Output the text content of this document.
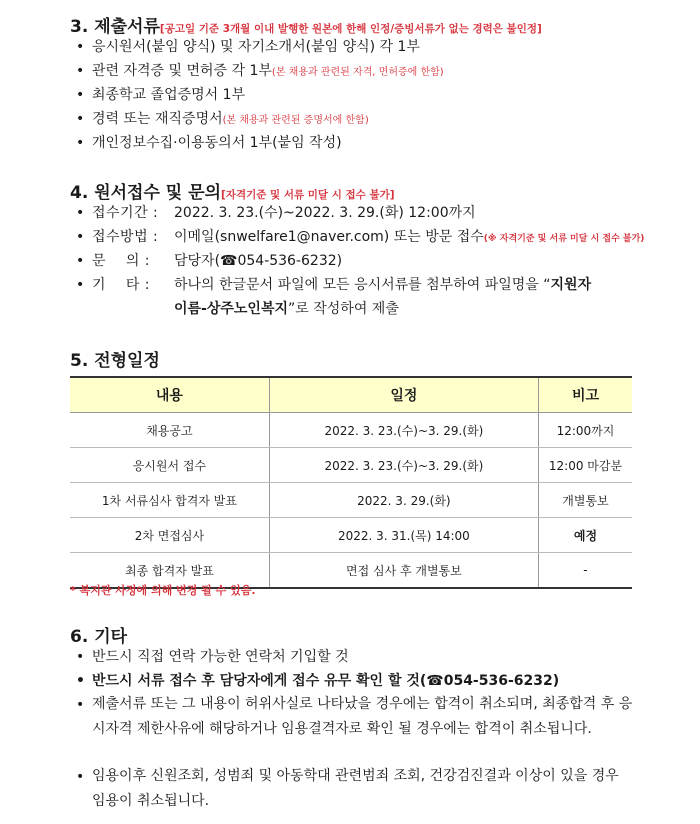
3. 제출서류[공고일 기준 3개월 이내 발행한 원본에 한해 인정/증빙서류가 없는 경력은 불인정]
• 응시원서(붙임 양식) 및 자기소개서(붙임 양식) 각 1부
• 관련 자격증 및 면허증 각 1부(본 채용과 관련된 자격, 면허증에 한함)
• 최종학교 졸업증명서 1부
• 경력 또는 재직증명서(본 채용과 관련된 증명서에 한함)
• 개인정보수집·이용동의서 1부(붙임 작성)
4. 원서접수 및 문의[자격기준 및 서류 미달 시 접수 불가]
• 접수기간 : 2022. 3. 23.(수)~2022. 3. 29.(화) 12:00까지
• 접수방법 : 이메일(snwelfare1@naver.com) 또는 방문 접수(※ 자격기준 및 서류 미달 시 접수 불가)
• 문    의 : 담당자(☎054-536-6232)
• 기    타 : 하나의 한글문서 파일에 모든 응시서류를 첨부하여 파일명을 “지원자
이름-상주노인복지”로 작성하여 제출
5. 전형일정
내용	일정	비고
채용공고	2022. 3. 23.(수)~3. 29.(화)	12:00까지
응시원서 접수	2022. 3. 23.(수)~3. 29.(화)	12:00 마감분
1차 서류심사 합격자 발표	2022. 3. 29.(화)	개별통보
2차 면접심사	2022. 3. 31.(목) 14:00	예정
최종 합격자 발표	면접 심사 후 개별통보	-
* 복지관 사정에 의해 변경 될 수 있음.
6. 기타
• 반드시 직접 연락 가능한 연락처 기입할 것
• 반드시 서류 접수 후 담당자에게 접수 유무 확인 할 것(☎054-536-6232)
• 제출서류 또는 그 내용이 허위사실로 나타났을 경우에는 합격이 취소되며, 최종합격 후 응시자격 제한사유에 해당하거나 임용결격자로 확인 될 경우에는 합격이 취소됩니다.
• 임용이후 신원조회, 성범죄 및 아동학대 관련범죄 조회, 건강검진결과 이상이 있을 경우 임용이 취소됩니다.
